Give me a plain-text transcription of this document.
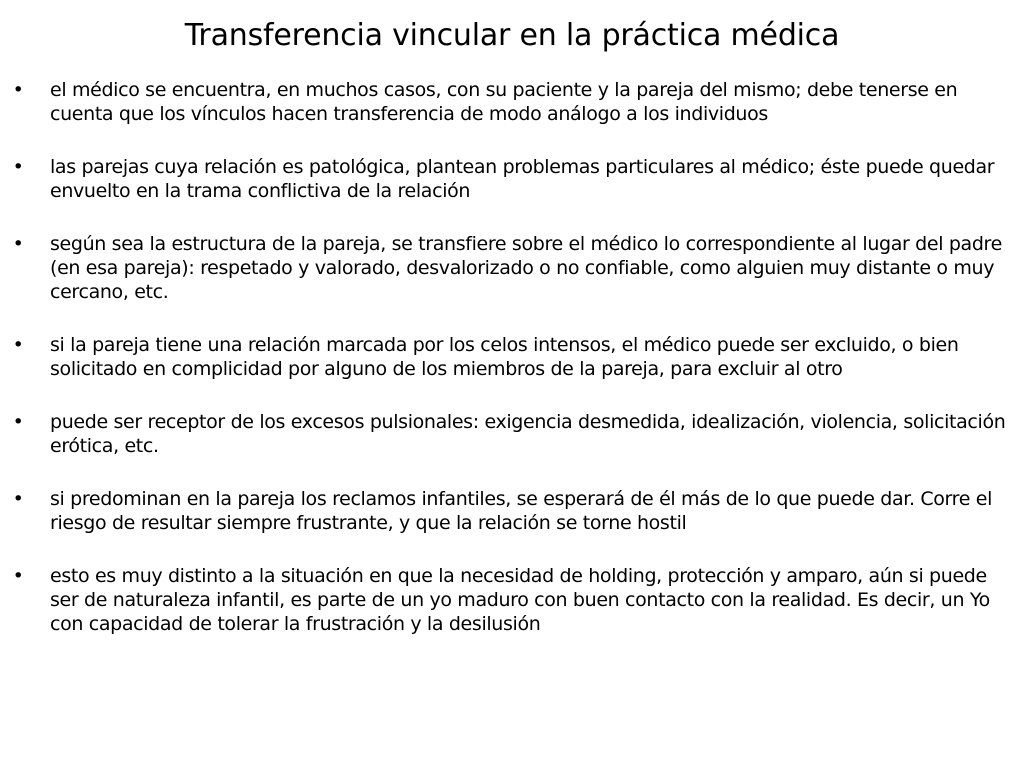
Transferencia vincular en la práctica médica
• el médico se encuentra, en muchos casos, con su paciente y la pareja del mismo; debe tenerse en cuenta que los vínculos hacen transferencia de modo análogo a los individuos
• las parejas cuya relación es patológica, plantean problemas particulares al médico; éste puede quedar envuelto en la trama conflictiva de la relación
• según sea la estructura de la pareja, se transfiere sobre el médico lo correspondiente al lugar del padre (en esa pareja): respetado y valorado, desvalorizado o no confiable, como alguien muy distante o muy cercano, etc.
• si la pareja tiene una relación marcada por los celos intensos, el médico puede ser excluido, o bien solicitado en complicidad por alguno de los miembros de la pareja, para excluir al otro
• puede ser receptor de los excesos pulsionales: exigencia desmedida, idealización, violencia, solicitación erótica, etc.
• si predominan en la pareja los reclamos infantiles, se esperará de él más de lo que puede dar. Corre el riesgo de resultar siempre frustrante, y que la relación se torne hostil
• esto es muy distinto a la situación en que la necesidad de holding, protección y amparo, aún si puede ser de naturaleza infantil, es parte de un yo maduro con buen contacto con la realidad. Es decir, un Yo con capacidad de tolerar la frustración y la desilusión
